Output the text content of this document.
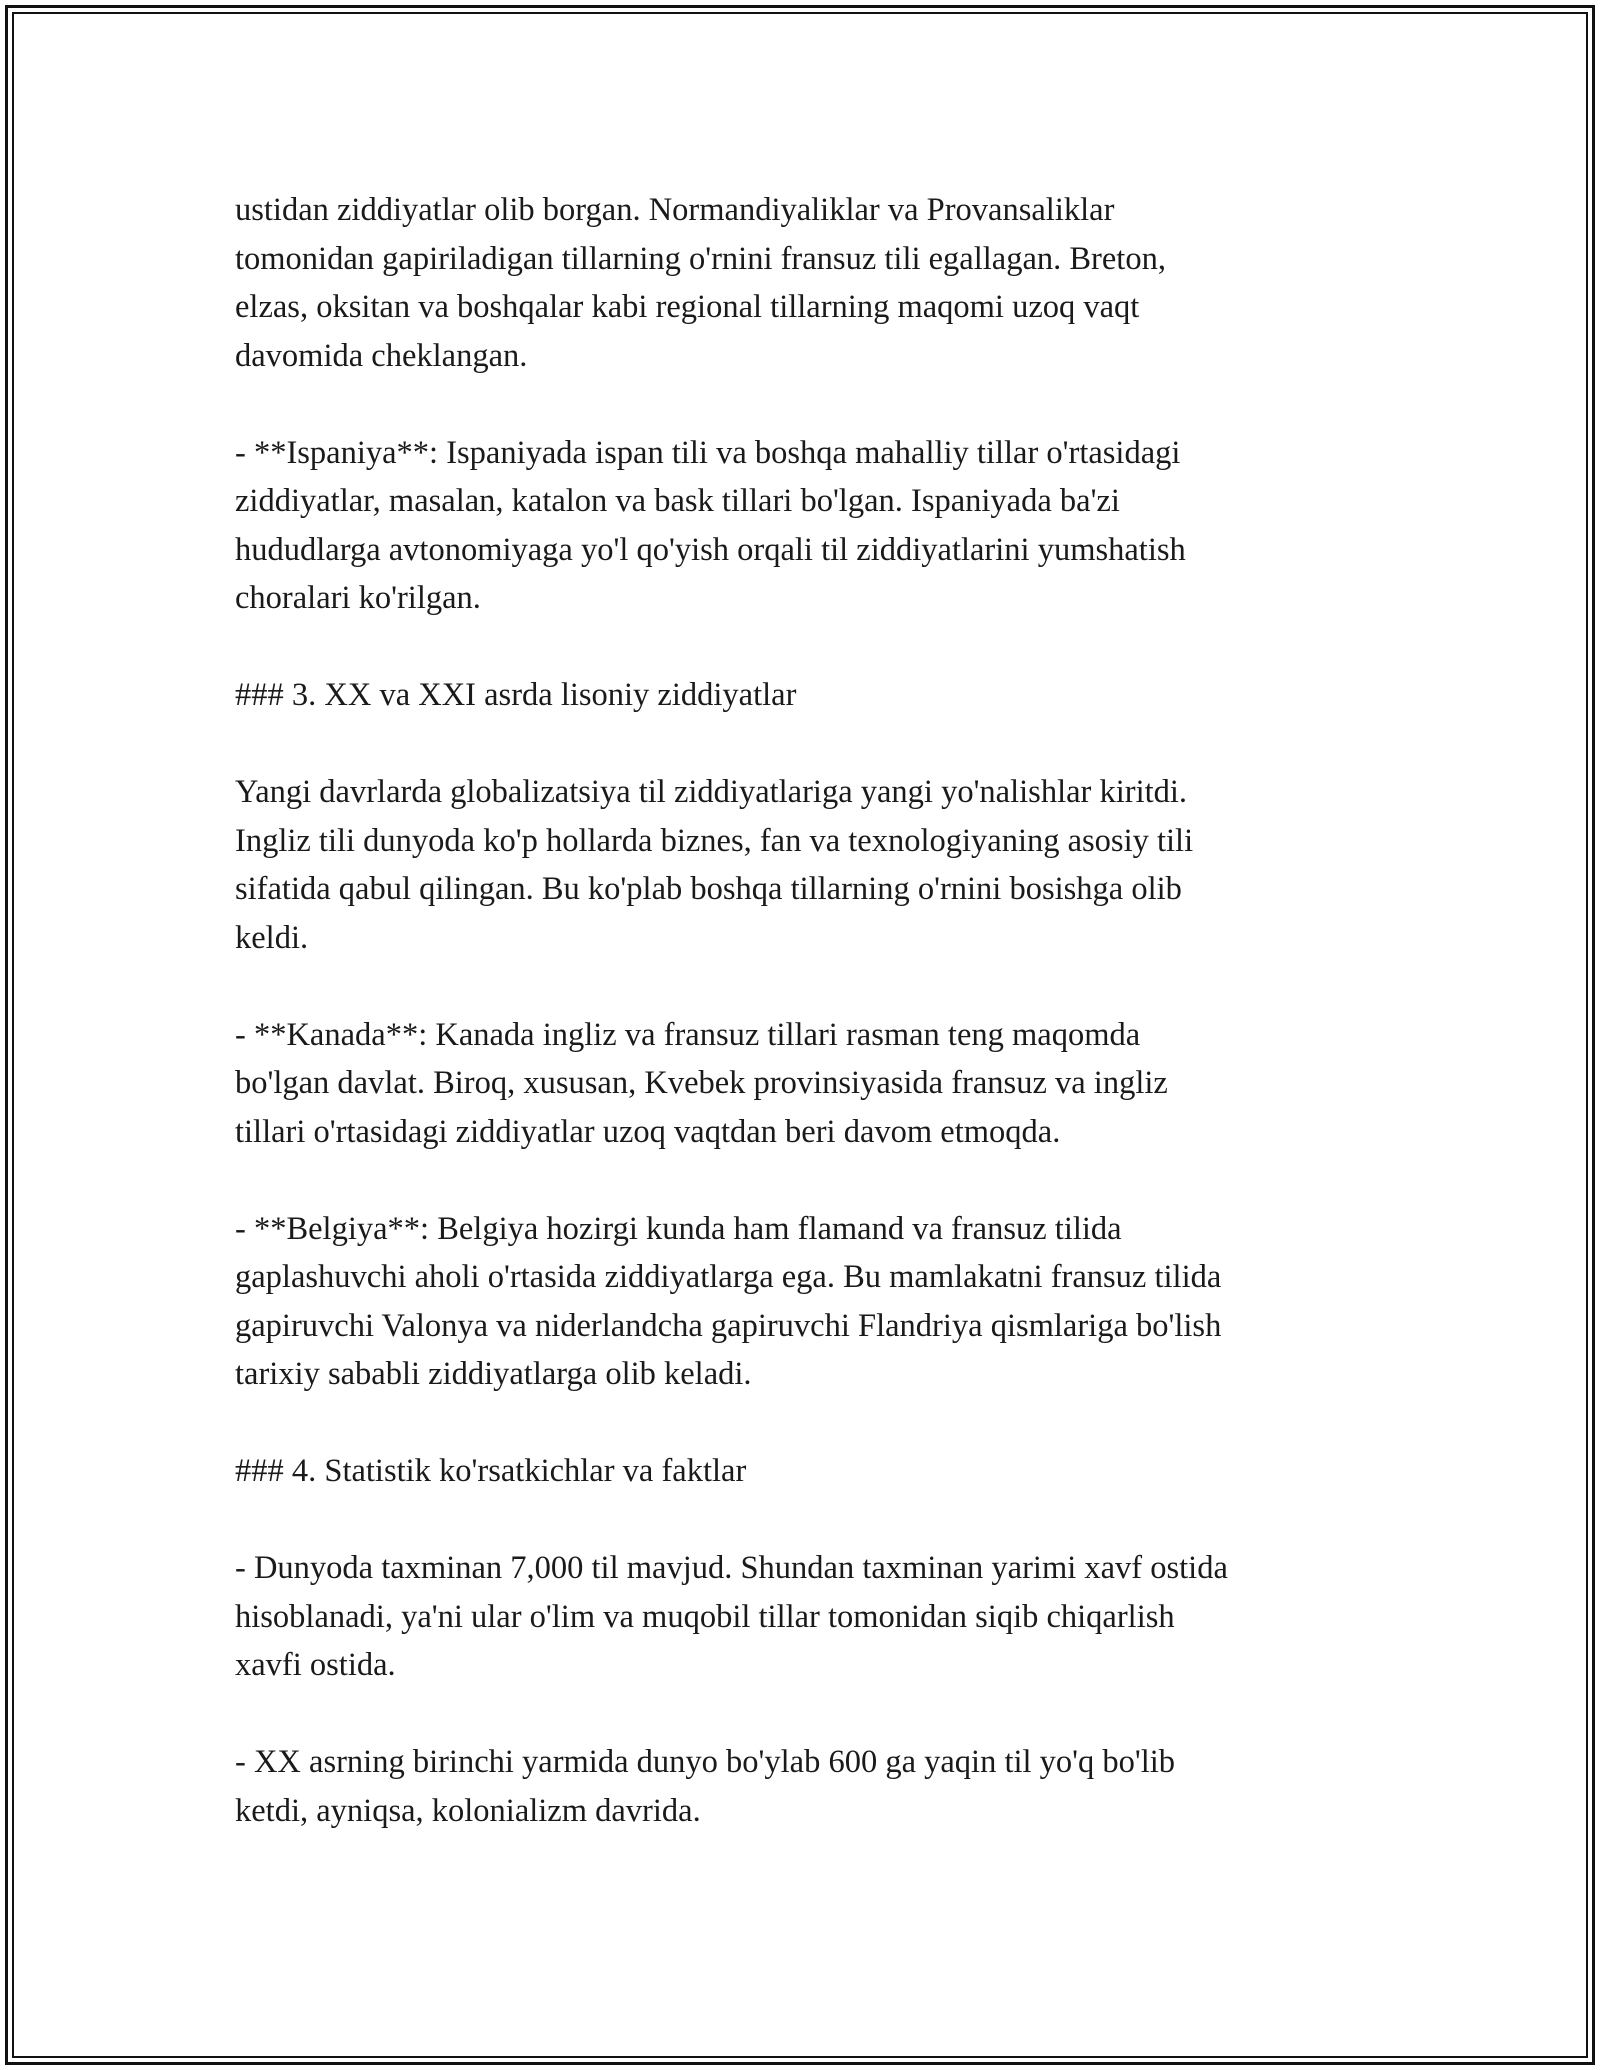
ustidan ziddiyatlar olib borgan. Normandiyaliklar va Provansaliklar
tomonidan gapiriladigan tillarning o'rnini fransuz tili egallagan. Breton,
elzas, oksitan va boshqalar kabi regional tillarning maqomi uzoq vaqt
davomida cheklangan.

- **Ispaniya**: Ispaniyada ispan tili va boshqa mahalliy tillar o'rtasidagi
ziddiyatlar, masalan, katalon va bask tillari bo'lgan. Ispaniyada ba'zi
hududlarga avtonomiyaga yo'l qo'yish orqali til ziddiyatlarini yumshatish
choralari ko'rilgan.

### 3. XX va XXI asrda lisoniy ziddiyatlar

Yangi davrlarda globalizatsiya til ziddiyatlariga yangi yo'nalishlar kiritdi.
Ingliz tili dunyoda ko'p hollarda biznes, fan va texnologiyaning asosiy tili
sifatida qabul qilingan. Bu ko'plab boshqa tillarning o'rnini bosishga olib
keldi.

- **Kanada**: Kanada ingliz va fransuz tillari rasman teng maqomda
bo'lgan davlat. Biroq, xususan, Kvebek provinsiyasida fransuz va ingliz
tillari o'rtasidagi ziddiyatlar uzoq vaqtdan beri davom etmoqda.

- **Belgiya**: Belgiya hozirgi kunda ham flamand va fransuz tilida
gaplashuvchi aholi o'rtasida ziddiyatlarga ega. Bu mamlakatni fransuz tilida
gapiruvchi Valonya va niderlandcha gapiruvchi Flandriya qismlariga bo'lish
tarixiy sababli ziddiyatlarga olib keladi.

### 4. Statistik ko'rsatkichlar va faktlar

- Dunyoda taxminan 7,000 til mavjud. Shundan taxminan yarimi xavf ostida
hisoblanadi, ya'ni ular o'lim va muqobil tillar tomonidan siqib chiqarlish
xavfi ostida.

- XX asrning birinchi yarmida dunyo bo'ylab 600 ga yaqin til yo'q bo'lib
ketdi, ayniqsa, kolonializm davrida.
